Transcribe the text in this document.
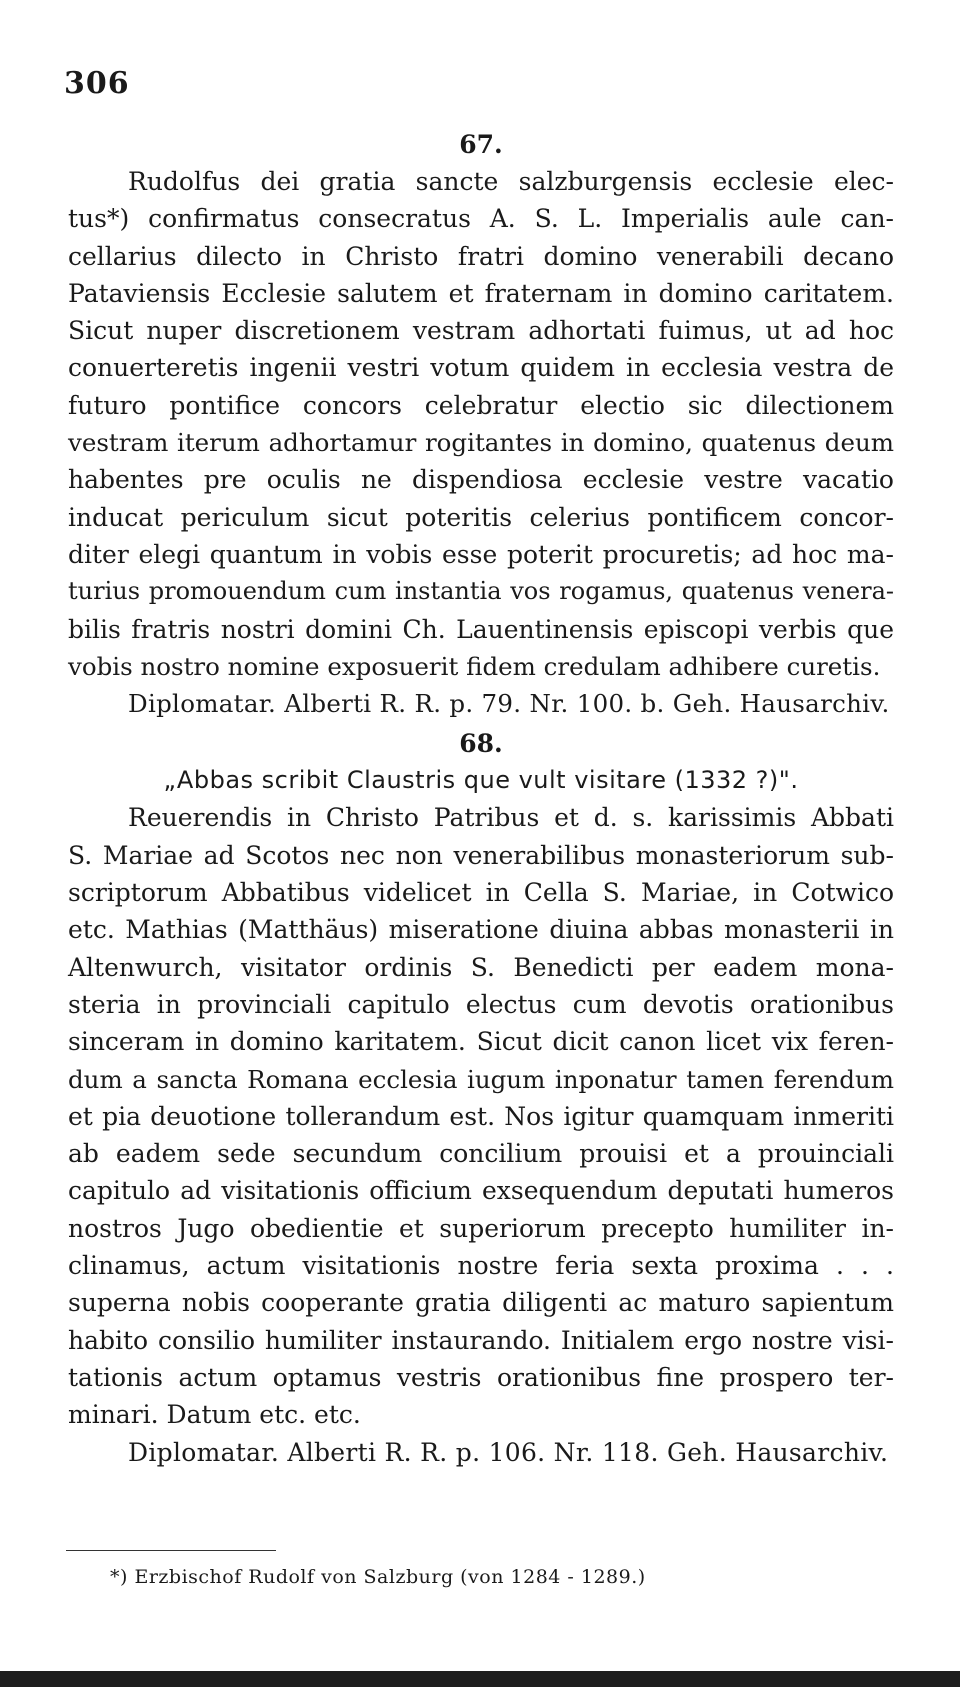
306
67.
Rudolfus dei gratia sancte salzburgensis ecclesie elec-
tus*) confirmatus consecratus A. S. L. Imperialis aule can-
cellarius dilecto in Christo fratri domino venerabili decano
Pataviensis Ecclesie salutem et fraternam in domino caritatem.
Sicut nuper discretionem vestram adhortati fuimus, ut ad hoc
conuerteretis ingenii vestri votum quidem in ecclesia vestra de
futuro pontifice concors celebratur electio sic dilectionem
vestram iterum adhortamur rogitantes in domino, quatenus deum
habentes pre oculis ne dispendiosa ecclesie vestre vacatio
inducat periculum sicut poteritis celerius pontificem concor-
diter elegi quantum in vobis esse poterit procuretis; ad hoc ma-
turius promouendum cum instantia vos rogamus, quatenus venera-
bilis fratris nostri domini Ch. Lauentinensis episcopi verbis que
vobis nostro nomine exposuerit fidem credulam adhibere curetis.
Diplomatar. Alberti R. R. p. 79. Nr. 100. b. Geh. Hausarchiv.
68.
„Abbas scribit Claustris que vult visitare (1332 ?)".
Reuerendis in Christo Patribus et d. s. karissimis Abbati
S. Mariae ad Scotos nec non venerabilibus monasteriorum sub-
scriptorum Abbatibus videlicet in Cella S. Mariae, in Cotwico
etc. Mathias (Matthäus) miseratione diuina abbas monasterii in
Altenwurch, visitator ordinis S. Benedicti per eadem mona-
steria in provinciali capitulo electus cum devotis orationibus
sinceram in domino karitatem. Sicut dicit canon licet vix feren-
dum a sancta Romana ecclesia iugum inponatur tamen ferendum
et pia deuotione tollerandum est. Nos igitur quamquam inmeriti
ab eadem sede secundum concilium prouisi et a prouinciali
capitulo ad visitationis officium exsequendum deputati humeros
nostros Jugo obedientie et superiorum precepto humiliter in-
clinamus, actum visitationis nostre feria sexta proxima . . .
superna nobis cooperante gratia diligenti ac maturo sapientum
habito consilio humiliter instaurando. Initialem ergo nostre visi-
tationis actum optamus vestris orationibus fine prospero ter-
minari. Datum etc. etc.
Diplomatar. Alberti R. R. p. 106. Nr. 118. Geh. Hausarchiv.
*) Erzbischof Rudolf von Salzburg (von 1284 - 1289.)
